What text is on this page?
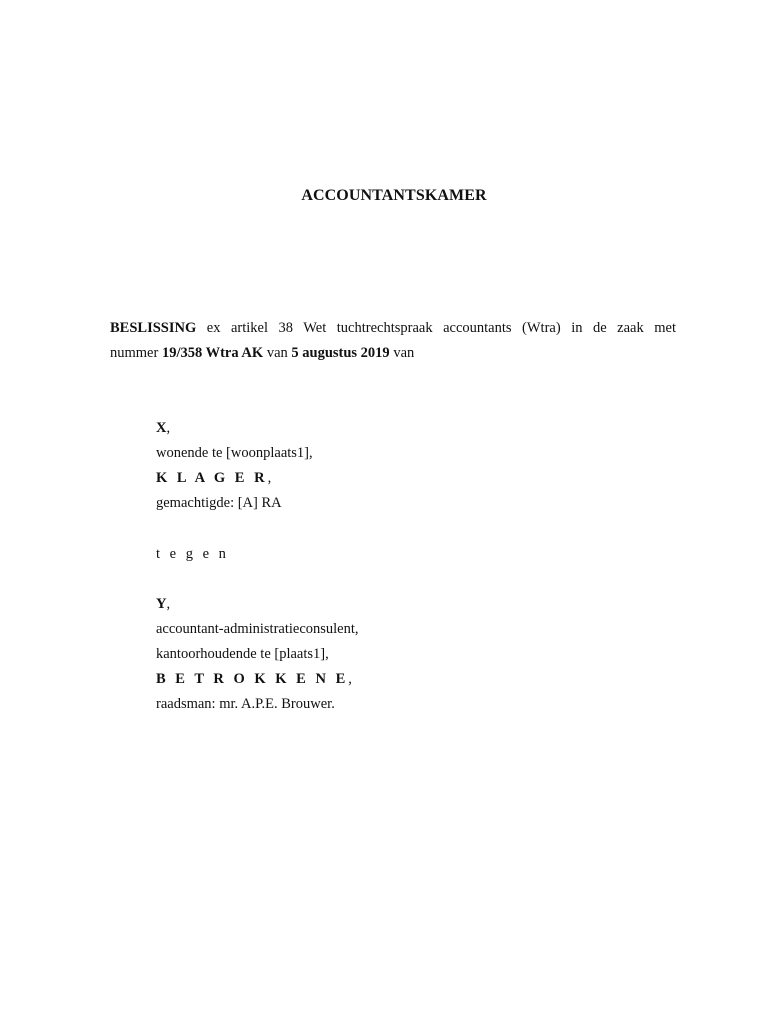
ACCOUNTANTSKAMER
BESLISSING ex artikel 38 Wet tuchtrechtspraak accountants (Wtra) in de zaak met
nummer 19/358 Wtra AK van 5 augustus 2019 van
X,
wonende te [woonplaats1],
K L A G E R,
gemachtigde: [A] RA
t e g e n
Y,
accountant-administratieconsulent,
kantoorhoudende te [plaats1],
B E T R O K K E N E,
raadsman: mr. A.P.E. Brouwer.
